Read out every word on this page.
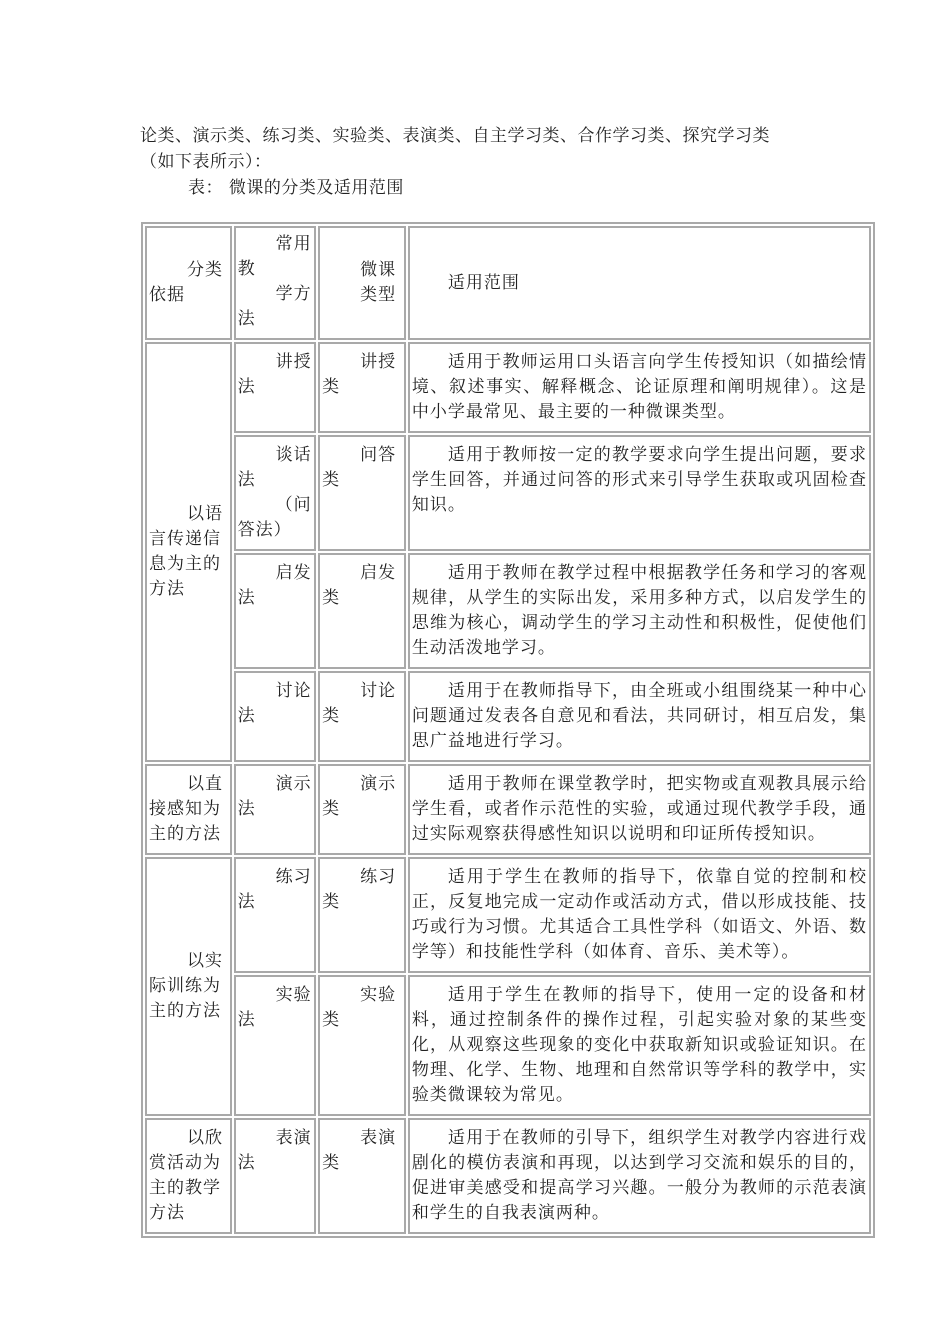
论类、演示类、练习类、实验类、表演类、自主学习类、合作学习类、探究学习类
（如下表所示）：
表： 微课的分类及适用范围
分类
依据	常用
教
学方
法	微课
类型	适用范围

以语
言传递信
息为主的
方法	讲授
法	讲授
类	适用于教师运用口头语言向学生传授知识（如描绘情境、叙述事实、解释概念、论证原理和阐明规律）。这是中小学最常见、最主要的一种微课类型。

	谈话
法
（问
答法）	问答
类	适用于教师按一定的教学要求向学生提出问题，要求学生回答，并通过问答的形式来引导学生获取或巩固检查知识。

	启发
法	启发
类	适用于教师在教学过程中根据教学任务和学习的客观规律，从学生的实际出发，采用多种方式，以启发学生的思维为核心，调动学生的学习主动性和积极性，促使他们生动活泼地学习。

	讨论
法	讨论
类	适用于在教师指导下，由全班或小组围绕某一种中心问题通过发表各自意见和看法，共同研讨，相互启发，集思广益地进行学习。

以直
接感知为
主的方法	演示
法	演示
类	适用于教师在课堂教学时，把实物或直观教具展示给学生看，或者作示范性的实验，或通过现代教学手段，通过实际观察获得感性知识以说明和印证所传授知识。

以实
际训练为
主的方法	练习
法	练习
类	适用于学生在教师的指导下，依靠自觉的控制和校正，反复地完成一定动作或活动方式，借以形成技能、技巧或行为习惯。尤其适合工具性学科（如语文、外语、数学等）和技能性学科（如体育、音乐、美术等）。

	实验
法	实验
类	适用于学生在教师的指导下，使用一定的设备和材料，通过控制条件的操作过程，引起实验对象的某些变化，从观察这些现象的变化中获取新知识或验证知识。在物理、化学、生物、地理和自然常识等学科的教学中，实验类微课较为常见。

以欣
赏活动为
主的教学
方法	表演
法	表演
类	适用于在教师的引导下，组织学生对教学内容进行戏剧化的模仿表演和再现，以达到学习交流和娱乐的目的，促进审美感受和提高学习兴趣。一般分为教师的示范表演和学生的自我表演两种。
